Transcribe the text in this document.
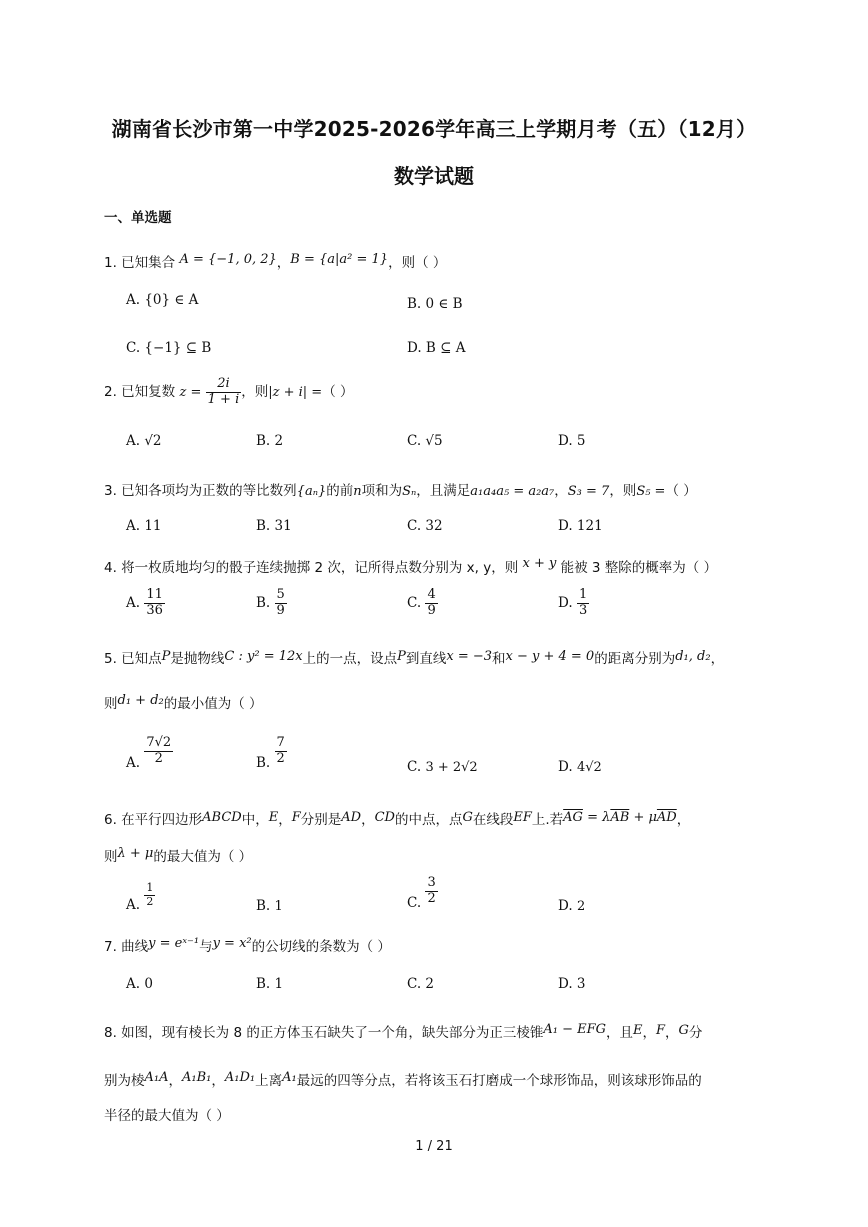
湖南省长沙市第一中学2025-2026学年高三上学期月考（五）（12月）
数学试题
一、单选题
1. 已知集合 A = {−1, 0, 2}，B = {a|a² = 1}，则（ ）
A. {0} ∈ A	B. 0 ∈ B
C. {−1} ⊆ B	D. B ⊆ A
2. 已知复数 $z = \frac{2i}{1 + i}$ ，则|z + i| =（ ）
A. √2	B. 2	C. √5	D. 5
3. 已知各项均为正数的等比数列{aₙ}的前n项和为Sₙ，且满足a₁a₄a₅ = a₂a₇，S₃ = 7，则S₅ =（ ）
A. 11	B. 31	C. 32	D. 121
4. 将一枚质地均匀的骰子连续抛掷 2 次，记所得点数分别为 x, y，则 x + y 能被 3 整除的概率为（ ）
A. $\frac{11}{36}$	B. $\frac{5}{9}$	C. $\frac{4}{9}$	D. $\frac{1}{3}$
5. 已知点P是抛物线C : y² = 12x上的一点，设点P到直线x = −3和x − y + 4 = 0的距离分别为d₁, d₂，
则d₁ + d₂的最小值为（ ）
A. $\frac{7√2}{2}$	B. $\frac{7}{2}$
C. 3 + 2√2	D. 4√2
6. 在平行四边形ABCD中，E，F分别是AD，CD的中点，点G在线段EF上.若$\overline{AG} = \lambda\overline{AB} + \mu\overline{AD}$，
则λ + μ的最大值为（ ）
A. $\frac{1}{2}$	B. 1	C. $\frac{3}{2}$	D. 2
7. 曲线y = eˣ⁻¹与y = x²的公切线的条数为（ ）
A. 0	B. 1	C. 2	D. 3
8. 如图，现有棱长为 8 的正方体玉石缺失了一个角，缺失部分为正三棱锥A₁ − EFG，且E，F，G分
别为棱A₁A，A₁B₁，A₁D₁上离A₁最远的四等分点，若将该玉石打磨成一个球形饰品，则该球形饰品的
半径的最大值为（ ）
1 / 21
